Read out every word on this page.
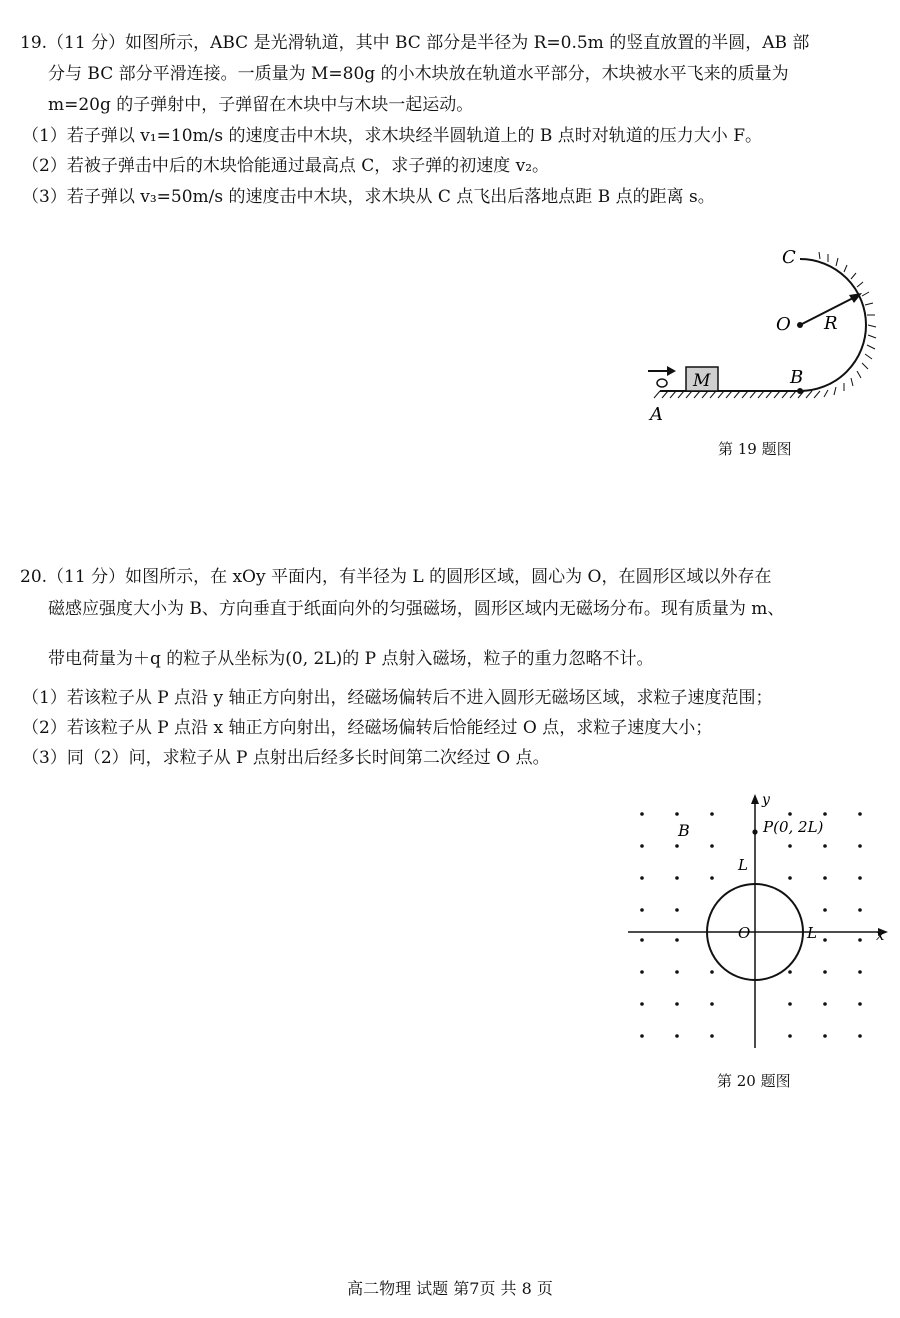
19.（11 分）如图所示，ABC 是光滑轨道，其中 BC 部分是半径为 R=0.5m 的竖直放置的半圆，AB 部
分与 BC 部分平滑连接。一质量为 M=80g 的小木块放在轨道水平部分，木块被水平飞来的质量为
m=20g 的子弹射中，子弹留在木块中与木块一起运动。
（1）若子弹以 v₁=10m/s 的速度击中木块，求木块经半圆轨道上的 B 点时对轨道的压力大小 F。
（2）若被子弹击中后的木块恰能通过最高点 C，求子弹的初速度 v₂。
（3）若子弹以 v₃=50m/s 的速度击中木块，求木块从 C 点飞出后落地点距 B 点的距离 s。
M
C
O R
B
A
第 19 题图
20.（11 分）如图所示，在 xOy 平面内，有半径为 L 的圆形区域，圆心为 O，在圆形区域以外存在
磁感应强度大小为 B、方向垂直于纸面向外的匀强磁场，圆形区域内无磁场分布。现有质量为 m、
带电荷量为＋q 的粒子从坐标为(0, 2L)的 P 点射入磁场，粒子的重力忽略不计。
（1）若该粒子从 P 点沿 y 轴正方向射出，经磁场偏转后不进入圆形无磁场区域，求粒子速度范围；
（2）若该粒子从 P 点沿 x 轴正方向射出，经磁场偏转后恰能经过 O 点，求粒子速度大小；
（3）同（2）问，求粒子从 P 点射出后经多长时间第二次经过 O 点。
y
x
B	P(0, 2L)
L
O	L
第 20 题图
高二物理 试题 第7页 共 8 页
